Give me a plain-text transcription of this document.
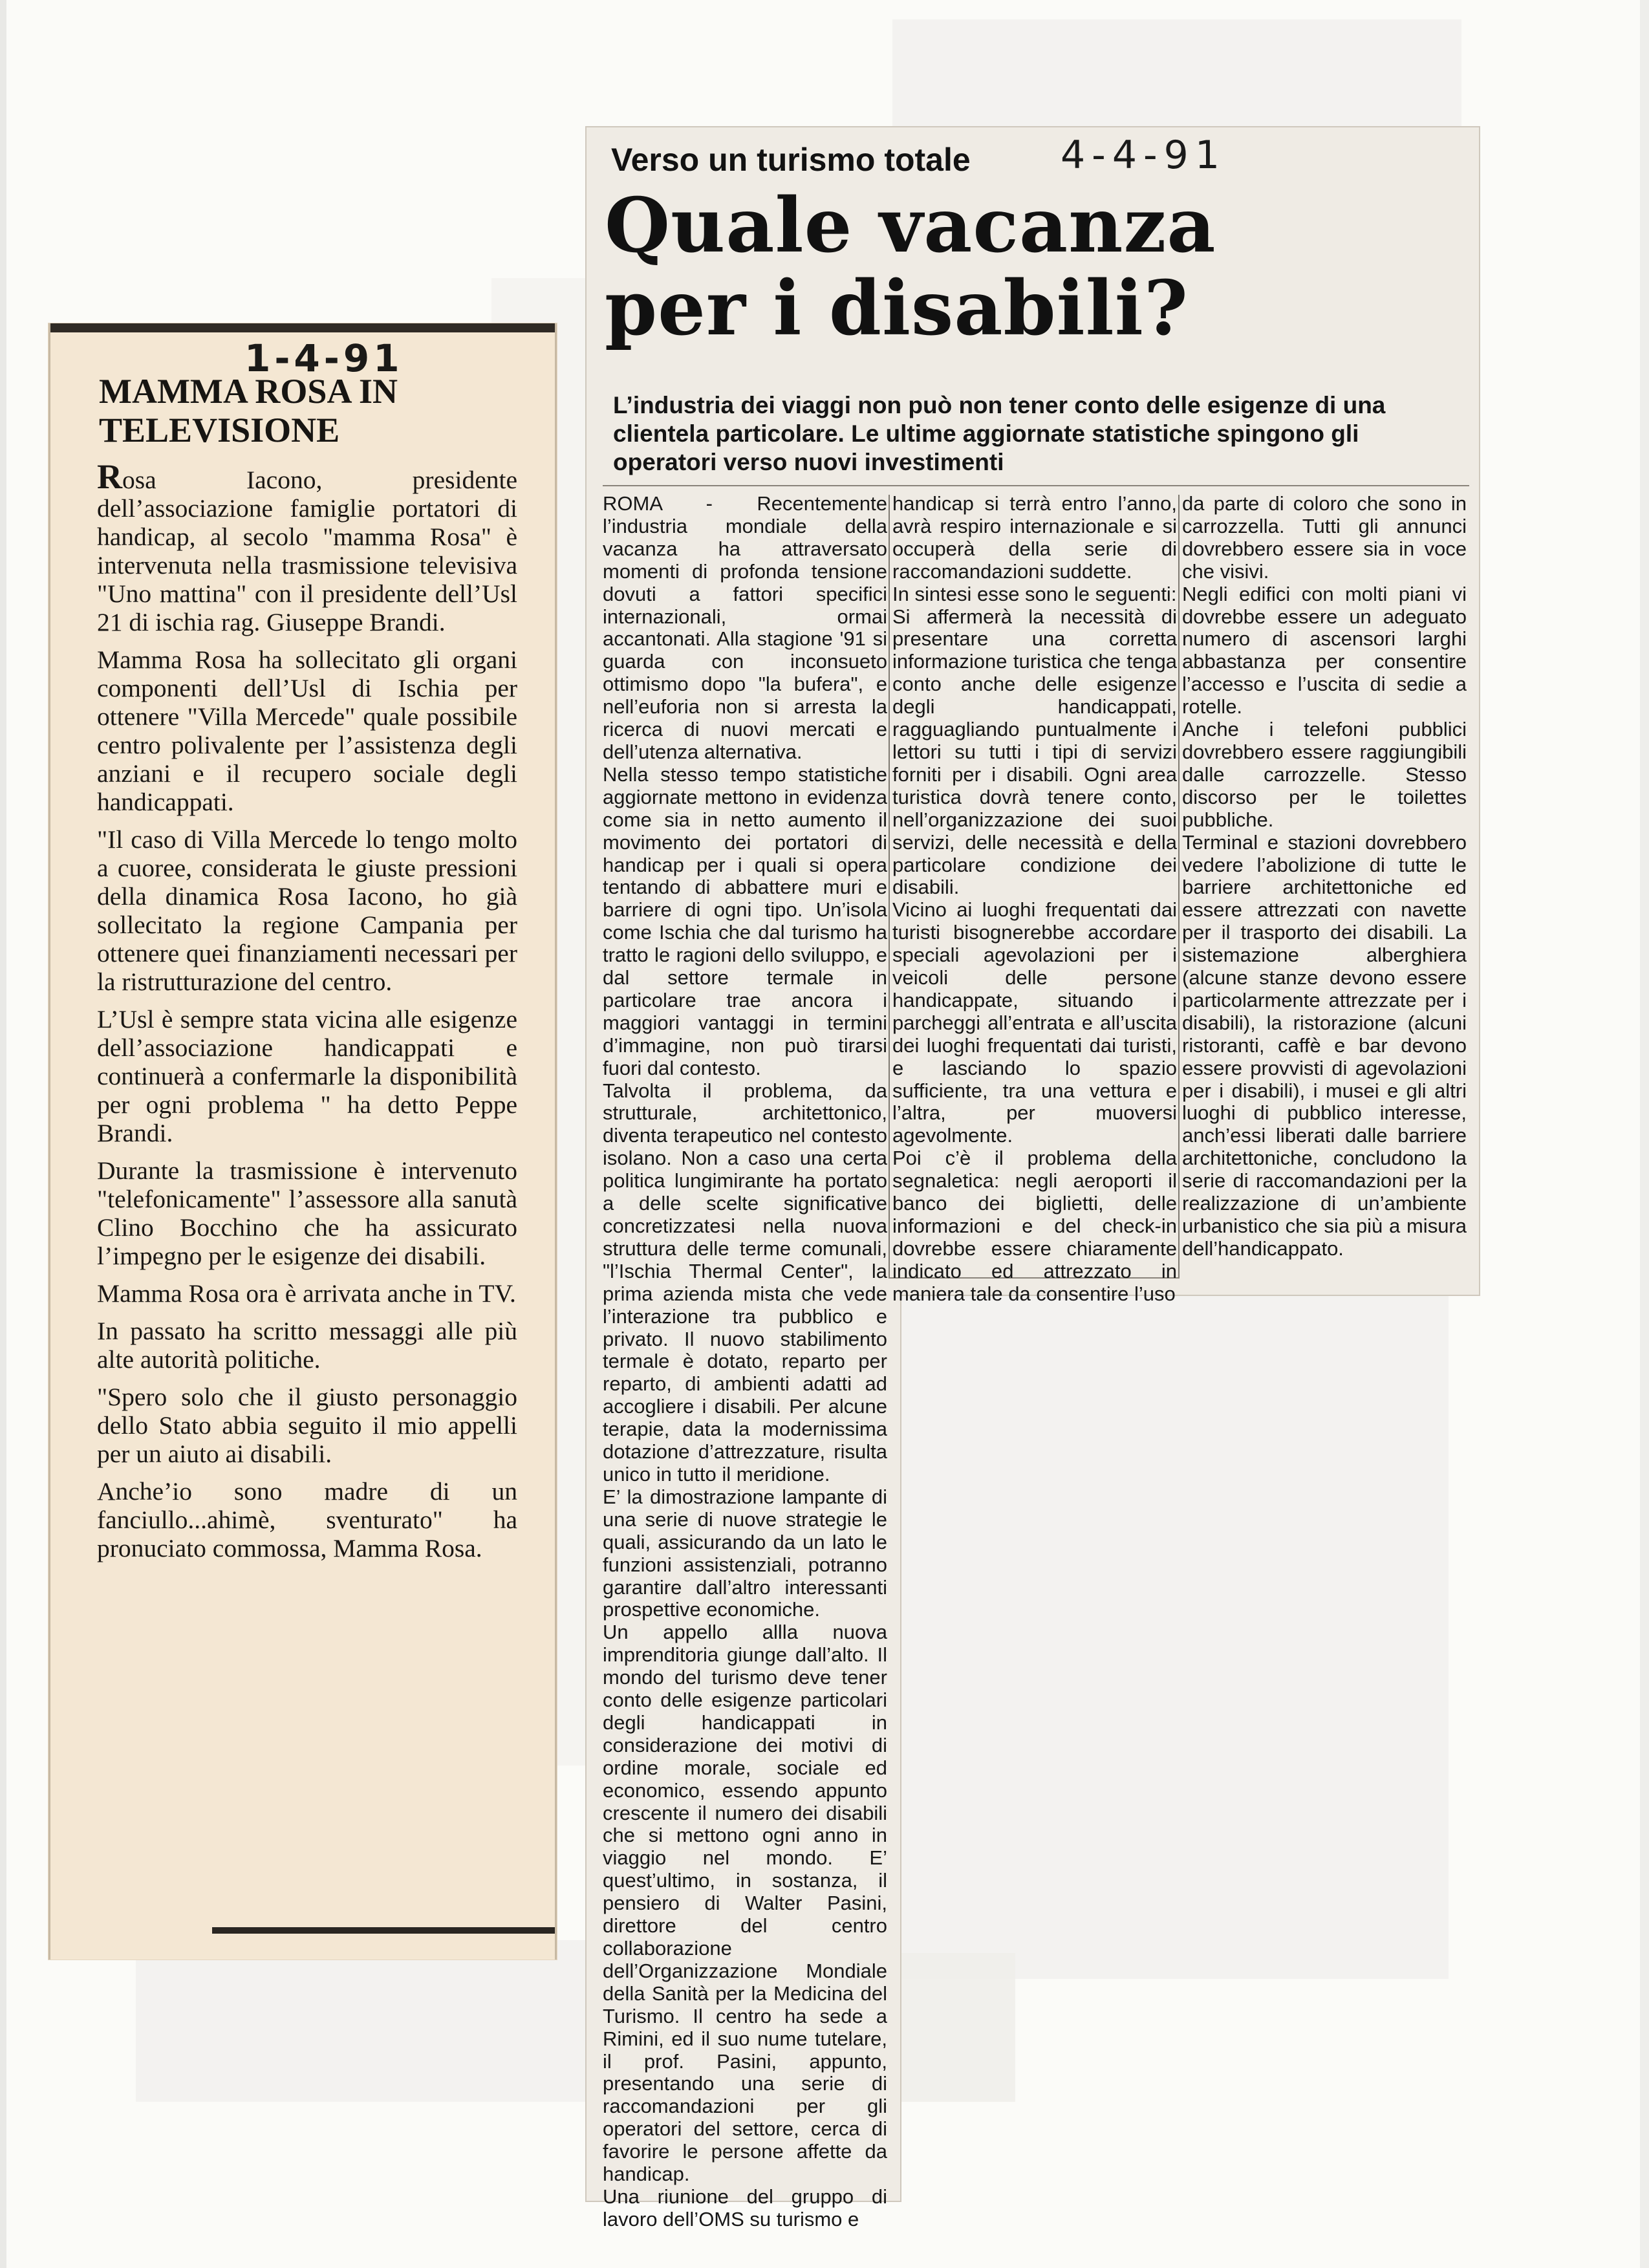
1-4-91
MAMMA ROSA IN TELEVISIONE

Rosa Iacono, presidente dell’associazione famiglie portatori di handicap, al secolo "mamma Rosa" è intervenuta nella trasmissione televisiva "Uno mattina" con il presidente dell’Usl 21 di ischia rag. Giuseppe Brandi.

Mamma Rosa ha sollecitato gli organi componenti dell’Usl di Ischia per ottenere "Villa Mercede" quale possibile centro polivalente per l’assistenza degli anziani e il recupero sociale degli handicappati.

"Il caso di Villa Mercede lo tengo molto a cuoree, considerata le giuste pressioni della dinamica Rosa Iacono, ho già sollecitato la regione Campania per ottenere quei finanziamenti necessari per la ristrutturazione del centro.

L’Usl è sempre stata vicina alle esigenze dell’associazione handicappati e continuerà a confermarle la disponibilità per ogni problema " ha detto Peppe Brandi.

Durante la trasmissione è intervenuto "telefonicamente" l’assessore alla sanutà Clino Bocchino che ha assicurato l’impegno per le esigenze dei disabili.

Mamma Rosa ora è arrivata anche in TV.

In passato ha scritto messaggi alle più alte autorità politiche.

"Spero solo che il giusto personaggio dello Stato abbia seguito il mio appelli per un aiuto ai disabili.

Anche’io sono madre di un fanciullo...ahimè, sventurato" ha pronuciato commossa, Mamma Rosa.

Verso un turismo totale 4-4-91
Quale vacanza
per i disabili?

L’industria dei viaggi non può non tener conto delle esigenze di una clientela particolare. Le ultime aggiornate statistiche spingono gli operatori verso nuovi investimenti

ROMA - Recentemente l’industria mondiale della vacanza ha attraversato momenti di profonda tensione dovuti a fattori specifici internazionali, ormai accantonati. Alla stagione '91 si guarda con inconsueto ottimismo dopo "la bufera", e nell’euforia non si arresta la ricerca di nuovi mercati e dell’utenza alternativa.

Nella stesso tempo statistiche aggiornate mettono in evidenza come sia in netto aumento il movimento dei portatori di handicap per i quali si opera tentando di abbattere muri e barriere di ogni tipo. Un’isola come Ischia che dal turismo ha tratto le ragioni dello sviluppo, e dal settore termale in particolare trae ancora i maggiori vantaggi in termini d’immagine, non può tirarsi fuori dal contesto.

Talvolta il problema, da strutturale, architettonico, diventa terapeutico nel contesto isolano. Non a caso una certa politica lungimirante ha portato a delle scelte significative concretizzatesi nella nuova struttura delle terme comunali, "l’Ischia Thermal Center", la prima azienda mista che vede l’interazione tra pubblico e privato. Il nuovo stabilimento termale è dotato, reparto per reparto, di ambienti adatti ad accogliere i disabili. Per alcune terapie, data la modernissima dotazione d’attrezzature, risulta unico in tutto il meridione.

E’ la dimostrazione lampante di una serie di nuove strategie le quali, assicurando da un lato le funzioni assistenziali, potranno garantire dall’altro interessanti prospettive economiche.

Un appello allla nuova imprenditoria giunge dall’alto. Il mondo del turismo deve tener conto delle esigenze particolari degli handicappati in considerazione dei motivi di ordine morale, sociale ed economico, essendo appunto crescente il numero dei disabili che si mettono ogni anno in viaggio nel mondo. E’ quest’ultimo, in sostanza, il pensiero di Walter Pasini, direttore del centro collaborazione dell’Organizzazione Mondiale della Sanità per la Medicina del Turismo. Il centro ha sede a Rimini, ed il suo nume tutelare, il prof. Pasini, appunto, presentando una serie di raccomandazioni per gli operatori del settore, cerca di favorire le persone affette da handicap.

Una riunione del gruppo di lavoro dell’OMS su turismo e

handicap si terrà entro l’anno, avrà respiro internazionale e si occuperà della serie di raccomandazioni suddette.

In sintesi esse sono le seguenti:

Si affermerà la necessità di presentare una corretta informazione turistica che tenga conto anche delle esigenze degli handicappati, ragguagliando puntualmente i lettori su tutti i tipi di servizi forniti per i disabili. Ogni area turistica dovrà tenere conto, nell’organizzazione dei suoi servizi, delle necessità e della particolare condizione dei disabili.

Vicino ai luoghi frequentati dai turisti bisognerebbe accordare speciali agevolazioni per i veicoli delle persone handicappate, situando i parcheggi all’entrata e all’uscita dei luoghi frequentati dai turisti, e lasciando lo spazio sufficiente, tra una vettura e l’altra, per muoversi agevolmente.

Poi c’è il problema della segnaletica: negli aeroporti il banco dei biglietti, delle informazioni e del check-in dovrebbe essere chiaramente indicato ed attrezzato in maniera tale da consentire l’uso

da parte di coloro che sono in carrozzella. Tutti gli annunci dovrebbero essere sia in voce che visivi.

Negli edifici con molti piani vi dovrebbe essere un adeguato numero di ascensori larghi abbastanza per consentire l’accesso e l’uscita di sedie a rotelle.

Anche i telefoni pubblici dovrebbero essere raggiungibili dalle carrozzelle. Stesso discorso per le toilettes pubbliche.

Terminal e stazioni dovrebbero vedere l’abolizione di tutte le barriere architettoniche ed essere attrezzati con navette per il trasporto dei disabili. La sistemazione alberghiera (alcune stanze devono essere particolarmente attrezzate per i disabili), la ristorazione (alcuni ristoranti, caffè e bar devono essere provvisti di agevolazioni per i disabili), i musei e gli altri luoghi di pubblico interesse, anch’essi liberati dalle barriere architettoniche, concludono la serie di raccomandazioni per la realizzazione di un’ambiente urbanistico che sia più a misura dell’handicappato.
